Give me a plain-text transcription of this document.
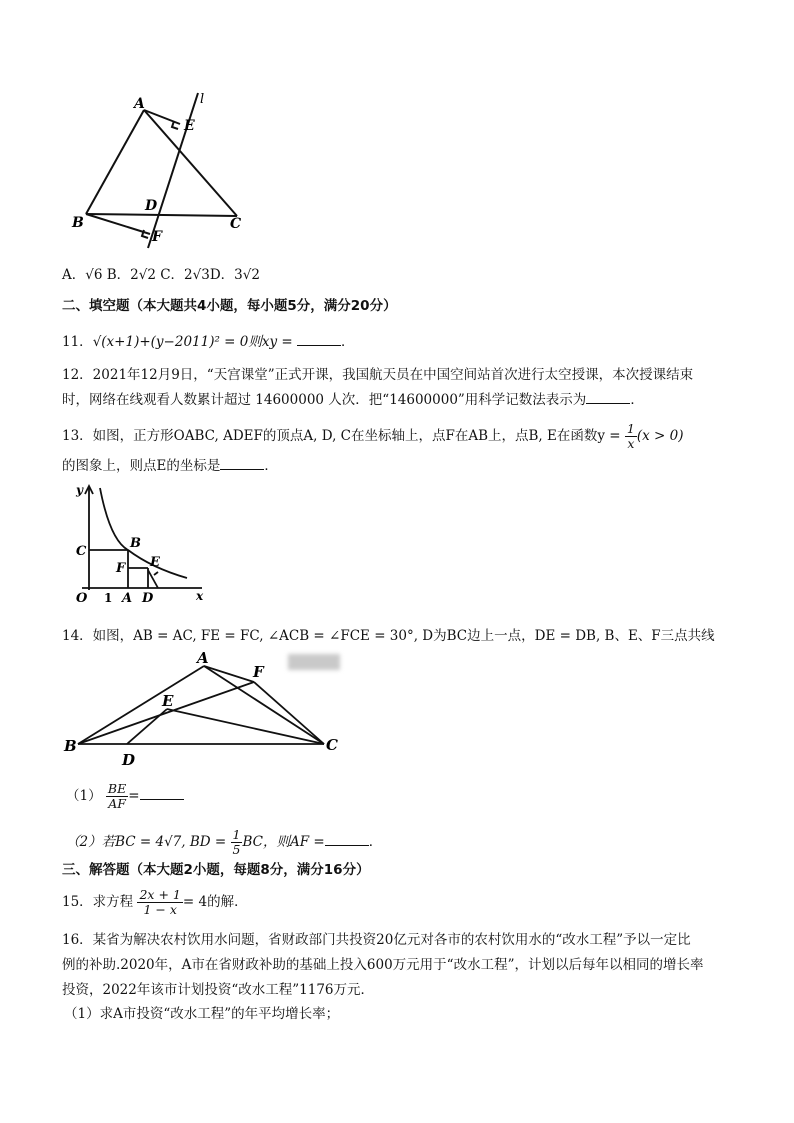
A	l
E
D
B	C
F
A．√6 B．2√2 C．2√3D．3√2
二、填空题（本大题共4小题，每小题5分，满分20分）
11．√(x+1)+(y−2011)² = 0则xy =	．
12．2021年12月9日，“天宫课堂”正式开课，我国航天员在中国空间站首次进行太空授课，本次授课结束
时，网络在线观看人数累计超过 14600000 人次．把“14600000”用科学记数法表示为	．
13．如图，正方形OABC, ADEF的顶点A, D, C在坐标轴上，点F在AB上，点B, E在函数$y = \frac{1}{x} (x > 0)$
的图象上，则点E的坐标是	．
y
C
B
E
F
O 1 A D	x
14．如图，AB = AC, FE = FC, ∠ACB = ∠FCE = 30°, D为BC边上一点，DE = DB, B、E、F三点共线
A
F
E
B
D
C
$(1) \frac{BE}{AF}$ =
（2）若BC = 4√7, BD = $\frac{1}{5}$ BC，则AF =	．
三、解答题（本大题2小题，每题8分，满分16分）
15．求方程 $\frac{2x + 1}{1 - x} = 4$的解．
16．某省为解决农村饮用水问题，省财政部门共投资20亿元对各市的农村饮用水的“改水工程”予以一定比
例的补助.2020年，A市在省财政补助的基础上投入600万元用于“改水工程”，计划以后每年以相同的增长率
投资，2022年该市计划投资“改水工程”1176万元．
（1）求A市投资“改水工程”的年平均增长率；
